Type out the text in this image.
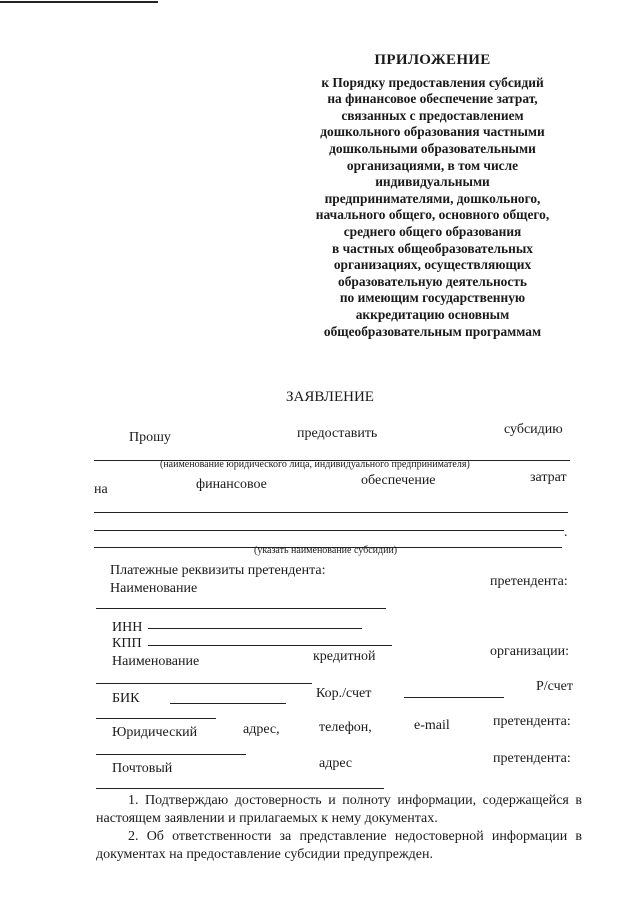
ПРИЛОЖЕНИЕ
к Порядку предоставления субсидий
на финансовое обеспечение затрат,
связанных с предоставлением
дошкольного образования частными
дошкольными образовательными
организациями, в том числе
индивидуальными
предпринимателями, дошкольного,
начального общего, основного общего,
среднего общего образования
в частных общеобразовательных
организациях, осуществляющих
образовательную деятельность
по имеющим государственную
аккредитацию основным
общеобразовательным программам
ЗАЯВЛЕНИЕ
Прошу	предоставить	субсидию
(наименование юридического лица, индивидуального предпринимателя)
на	финансовое	обеспечение	затрат
.
(указать наименование субсидии)
Платежные реквизиты претендента:
Наименование	претендента:
ИНН
КПП
Наименование	кредитной	организации:
БИК	Кор./счет	Р/счет
Юридический	адрес,	телефон,	e-mail	претендента:
Почтовый	адрес	претендента:
1. Подтверждаю достоверность и полноту информации, содержащейся в настоящем заявлении и прилагаемых к нему документах.
2. Об ответственности за представление недостоверной информации в документах на предоставление субсидии предупрежден.
